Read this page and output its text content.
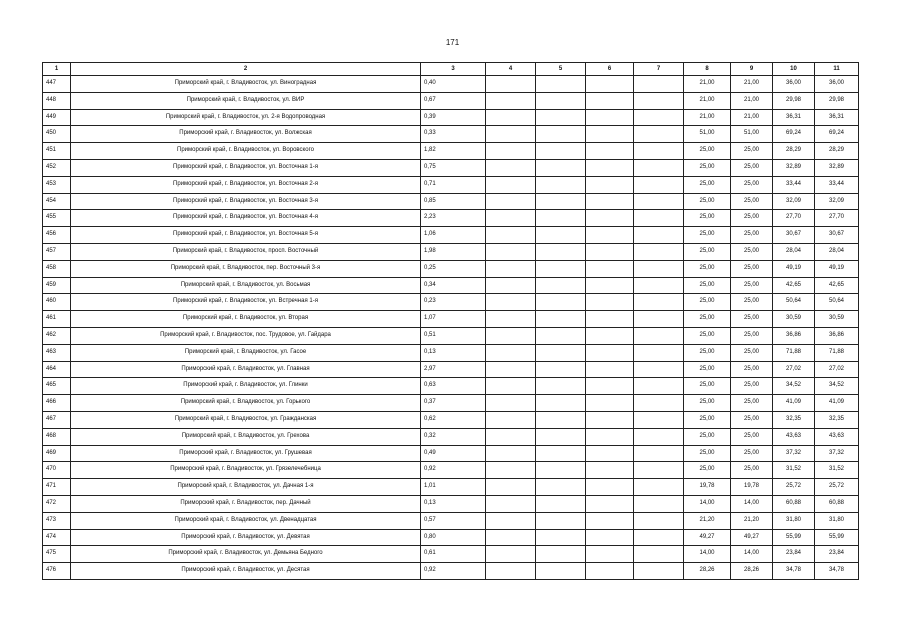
171
1	2	3	4	5	6	7	8	9	10	11
447	Приморский край, г. Владивосток, ул. Виноградная	0,40					21,00	21,00	36,00	36,00
448	Приморский край, г. Владивосток, ул. ВИР	0,67					21,00	21,00	29,98	29,98
449	Приморский край, г. Владивосток, ул. 2-я Водопроводная	0,39					21,00	21,00	36,31	36,31
450	Приморский край, г. Владивосток, ул. Волжская	0,33					51,00	51,00	69,24	69,24
451	Приморский край, г. Владивосток, ул. Воровского	1,82					25,00	25,00	28,29	28,29
452	Приморский край, г. Владивосток, ул. Восточная 1-я	0,75					25,00	25,00	32,89	32,89
453	Приморский край, г. Владивосток, ул. Восточная 2-я	0,71					25,00	25,00	33,44	33,44
454	Приморский край, г. Владивосток, ул. Восточная 3-я	0,85					25,00	25,00	32,09	32,09
455	Приморский край, г. Владивосток, ул. Восточная 4-я	2,23					25,00	25,00	27,70	27,70
456	Приморский край, г. Владивосток, ул. Восточная 5-я	1,06					25,00	25,00	30,67	30,67
457	Приморский край, г. Владивосток, просп. Восточный	1,98					25,00	25,00	28,04	28,04
458	Приморский край, г. Владивосток, пер. Восточный 3-я	0,25					25,00	25,00	49,19	49,19
459	Приморский край, г. Владивосток, ул. Восьмая	0,34					25,00	25,00	42,65	42,65
460	Приморский край, г. Владивосток, ул. Встречная 1-я	0,23					25,00	25,00	50,64	50,64
461	Приморский край, г. Владивосток, ул. Вторая	1,07					25,00	25,00	30,59	30,59
462	Приморский край, г. Владивосток, пос. Трудовое, ул. Гайдара	0,51					25,00	25,00	36,86	36,86
463	Приморский край, г. Владивосток, ул. Гасое	0,13					25,00	25,00	71,88	71,88
464	Приморский край, г. Владивосток, ул. Главная	2,97					25,00	25,00	27,02	27,02
465	Приморский край, г. Владивосток, ул. Глинки	0,63					25,00	25,00	34,52	34,52
466	Приморский край, г. Владивосток, ул. Горького	0,37					25,00	25,00	41,09	41,09
467	Приморский край, г. Владивосток, ул. Гражданская	0,62					25,00	25,00	32,35	32,35
468	Приморский край, г. Владивосток, ул. Грехова	0,32					25,00	25,00	43,63	43,63
469	Приморский край, г. Владивосток, ул. Грушевая	0,49					25,00	25,00	37,32	37,32
470	Приморский край, г. Владивосток, ул. Грязелечебница	0,92					25,00	25,00	31,52	31,52
471	Приморский край, г. Владивосток, ул. Дачная 1-я	1,01					19,78	19,78	25,72	25,72
472	Приморский край, г. Владивосток, пер. Дачный	0,13					14,00	14,00	60,88	60,88
473	Приморский край, г. Владивосток, ул. Двенадцатая	0,57					21,20	21,20	31,80	31,80
474	Приморский край, г. Владивосток, ул. Девятая	0,80					49,27	49,27	55,99	55,99
475	Приморский край, г. Владивосток, ул. Демьяна Бедного	0,61					14,00	14,00	23,84	23,84
476	Приморский край, г. Владивосток, ул. Десятая	0,92					28,26	28,26	34,78	34,78
